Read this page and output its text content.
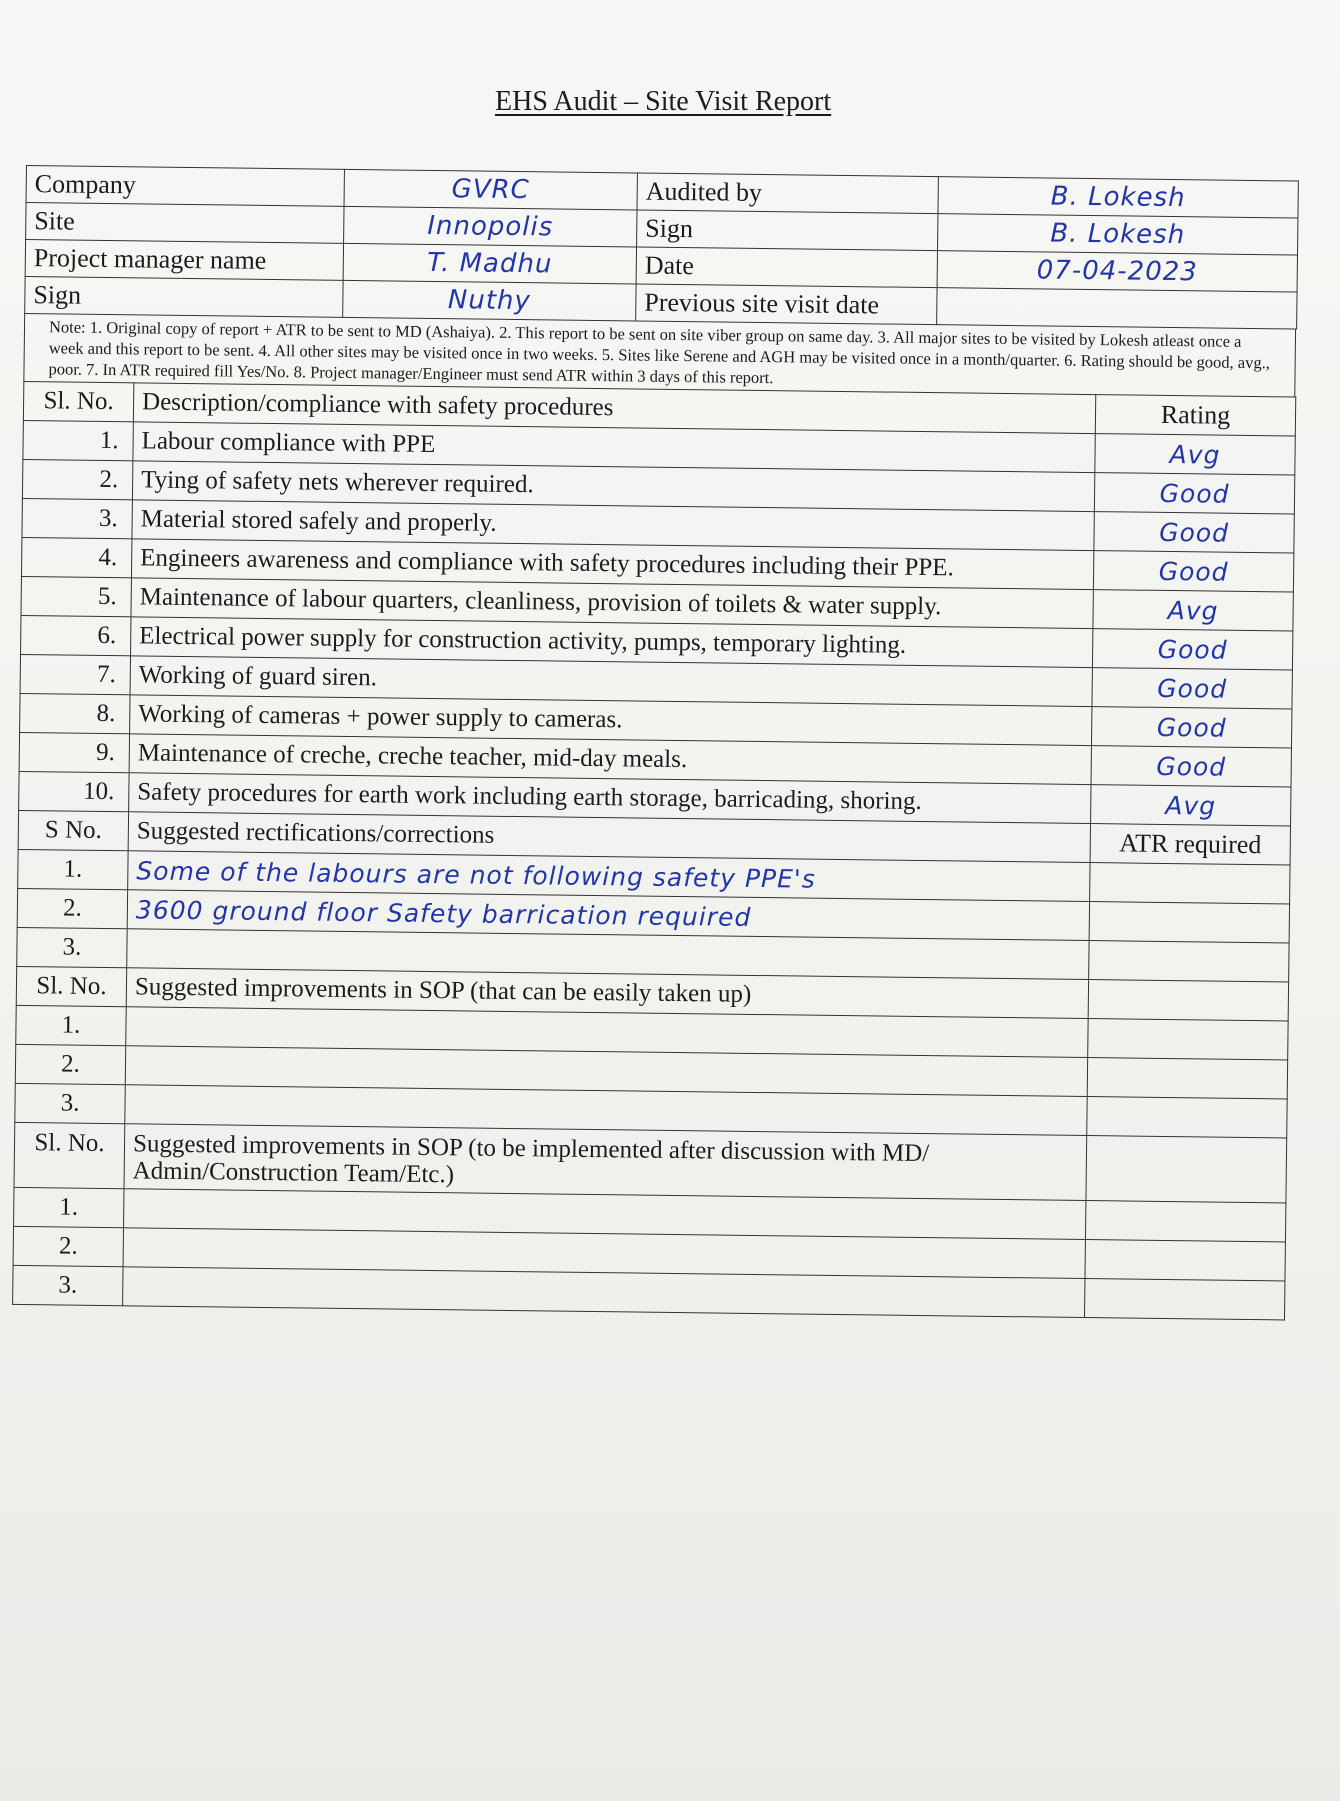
EHS Audit – Site Visit Report
Company	GVRC	Audited by	B. Lokesh
Site	Innopolis	Sign	B. Lokesh
Project manager name	T. Madhu	Date	07-04-2023
Sign	Nuthy	Previous site visit date	
Note: 1. Original copy of report + ATR to be sent to MD (Ashaiya). 2. This report to be sent on site viber group on same day. 3. All major sites to be visited by Lokesh atleast once a week and this report to be sent. 4. All other sites may be visited once in two weeks. 5. Sites like Serene and AGH may be visited once in a month/quarter. 6. Rating should be good, avg., poor. 7. In ATR required fill Yes/No. 8. Project manager/Engineer must send ATR within 3 days of this report.
Sl. No.	Description/compliance with safety procedures	Rating
1.	Labour compliance with PPE	Avg
2.	Tying of safety nets wherever required.	Good
3.	Material stored safely and properly.	Good
4.	Engineers awareness and compliance with safety procedures including their PPE.	Good
5.	Maintenance of labour quarters, cleanliness, provision of toilets & water supply.	Avg
6.	Electrical power supply for construction activity, pumps, temporary lighting.	Good
7.	Working of guard siren.	Good
8.	Working of cameras + power supply to cameras.	Good
9.	Maintenance of creche, creche teacher, mid-day meals.	Good
10.	Safety procedures for earth work including earth storage, barricading, shoring.	Avg
S No.	Suggested rectifications/corrections	ATR required
1.	Some of the labours are not following safety PPE's	
2.	3600 ground floor Safety barrication required	
3.		
Sl. No.	Suggested improvements in SOP (that can be easily taken up)	
1.		
2.		
3.		
Sl. No.	Suggested improvements in SOP (to be implemented after discussion with MD/ Admin/Construction Team/Etc.)	
1.		
2.		
3.		
